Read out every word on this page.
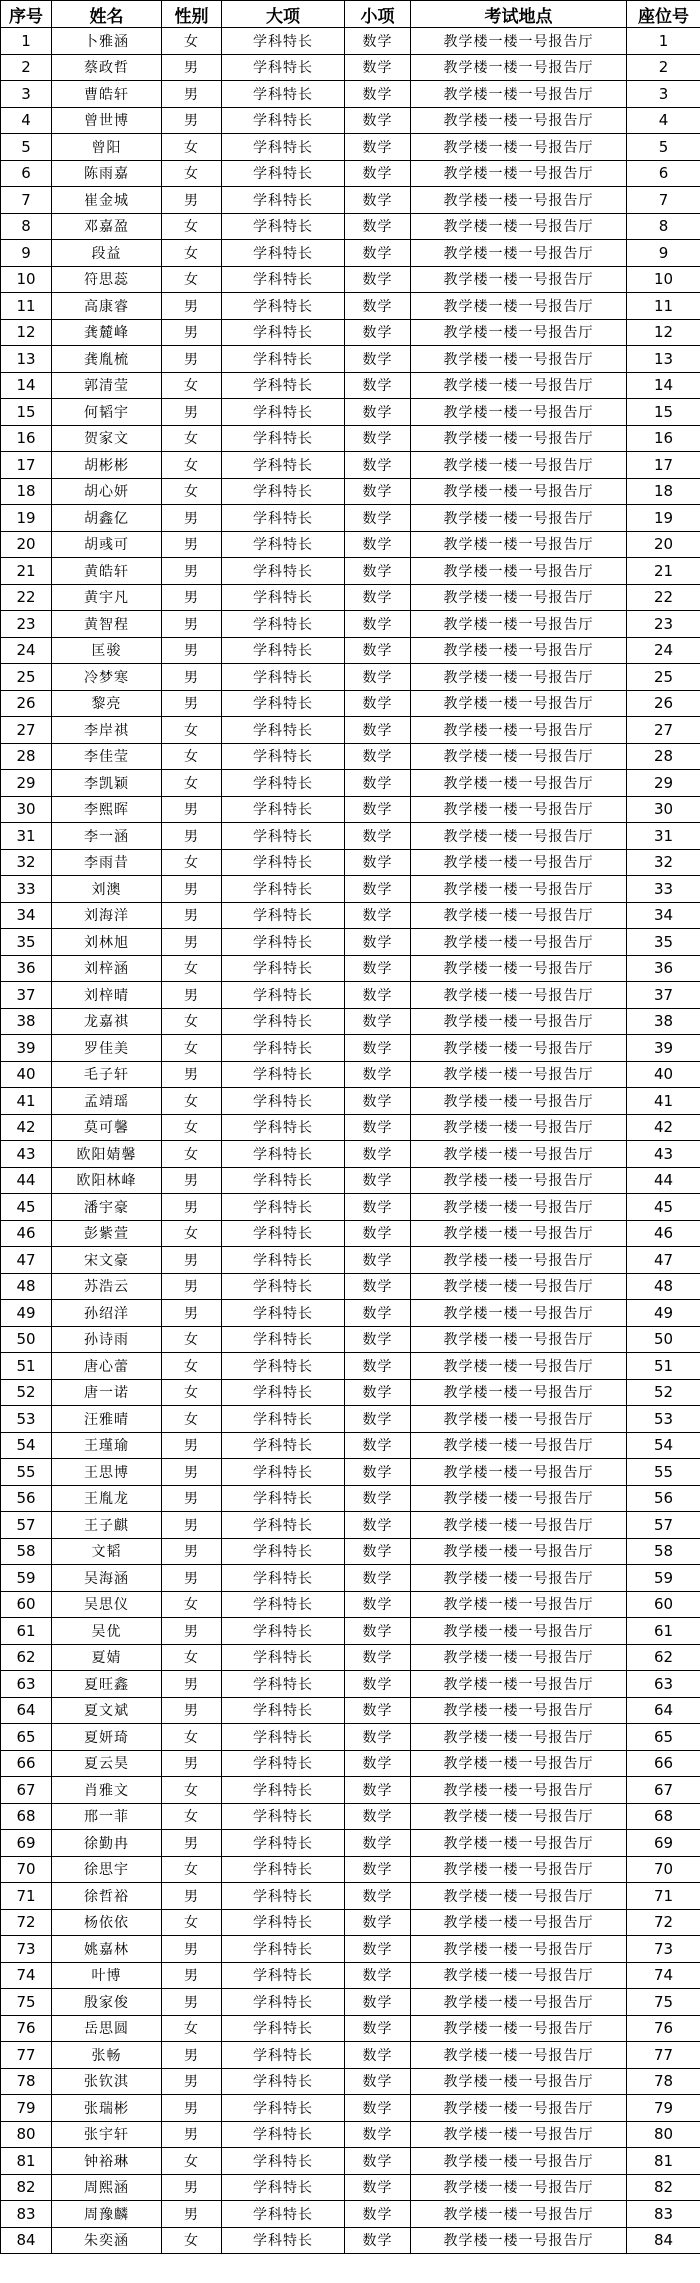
序号	姓名	性别	大项	小项	考试地点	座位号
1	卜雅涵	女	学科特长	数学	教学楼一楼一号报告厅	1
2	蔡政哲	男	学科特长	数学	教学楼一楼一号报告厅	2
3	曹皓轩	男	学科特长	数学	教学楼一楼一号报告厅	3
4	曾世博	男	学科特长	数学	教学楼一楼一号报告厅	4
5	曾阳	女	学科特长	数学	教学楼一楼一号报告厅	5
6	陈雨嘉	女	学科特长	数学	教学楼一楼一号报告厅	6
7	崔金城	男	学科特长	数学	教学楼一楼一号报告厅	7
8	邓嘉盈	女	学科特长	数学	教学楼一楼一号报告厅	8
9	段益	女	学科特长	数学	教学楼一楼一号报告厅	9
10	符思蕊	女	学科特长	数学	教学楼一楼一号报告厅	10
11	高康睿	男	学科特长	数学	教学楼一楼一号报告厅	11
12	龚麓峰	男	学科特长	数学	教学楼一楼一号报告厅	12
13	龚胤梳	男	学科特长	数学	教学楼一楼一号报告厅	13
14	郭清莹	女	学科特长	数学	教学楼一楼一号报告厅	14
15	何韬宇	男	学科特长	数学	教学楼一楼一号报告厅	15
16	贺家文	女	学科特长	数学	教学楼一楼一号报告厅	16
17	胡彬彬	女	学科特长	数学	教学楼一楼一号报告厅	17
18	胡心妍	女	学科特长	数学	教学楼一楼一号报告厅	18
19	胡鑫亿	男	学科特长	数学	教学楼一楼一号报告厅	19
20	胡彧可	男	学科特长	数学	教学楼一楼一号报告厅	20
21	黄皓轩	男	学科特长	数学	教学楼一楼一号报告厅	21
22	黄宇凡	男	学科特长	数学	教学楼一楼一号报告厅	22
23	黄智程	男	学科特长	数学	教学楼一楼一号报告厅	23
24	匡骏	男	学科特长	数学	教学楼一楼一号报告厅	24
25	冷梦寒	男	学科特长	数学	教学楼一楼一号报告厅	25
26	黎亮	男	学科特长	数学	教学楼一楼一号报告厅	26
27	李岸祺	女	学科特长	数学	教学楼一楼一号报告厅	27
28	李佳莹	女	学科特长	数学	教学楼一楼一号报告厅	28
29	李凯颖	女	学科特长	数学	教学楼一楼一号报告厅	29
30	李熙晖	男	学科特长	数学	教学楼一楼一号报告厅	30
31	李一涵	男	学科特长	数学	教学楼一楼一号报告厅	31
32	李雨昔	女	学科特长	数学	教学楼一楼一号报告厅	32
33	刘澳	男	学科特长	数学	教学楼一楼一号报告厅	33
34	刘海洋	男	学科特长	数学	教学楼一楼一号报告厅	34
35	刘林旭	男	学科特长	数学	教学楼一楼一号报告厅	35
36	刘梓涵	女	学科特长	数学	教学楼一楼一号报告厅	36
37	刘梓晴	男	学科特长	数学	教学楼一楼一号报告厅	37
38	龙嘉祺	女	学科特长	数学	教学楼一楼一号报告厅	38
39	罗佳美	女	学科特长	数学	教学楼一楼一号报告厅	39
40	毛子轩	男	学科特长	数学	教学楼一楼一号报告厅	40
41	孟靖瑶	女	学科特长	数学	教学楼一楼一号报告厅	41
42	莫可馨	女	学科特长	数学	教学楼一楼一号报告厅	42
43	欧阳婧馨	女	学科特长	数学	教学楼一楼一号报告厅	43
44	欧阳林峰	男	学科特长	数学	教学楼一楼一号报告厅	44
45	潘宇豪	男	学科特长	数学	教学楼一楼一号报告厅	45
46	彭紫萱	女	学科特长	数学	教学楼一楼一号报告厅	46
47	宋文豪	男	学科特长	数学	教学楼一楼一号报告厅	47
48	苏浩云	男	学科特长	数学	教学楼一楼一号报告厅	48
49	孙绍洋	男	学科特长	数学	教学楼一楼一号报告厅	49
50	孙诗雨	女	学科特长	数学	教学楼一楼一号报告厅	50
51	唐心蕾	女	学科特长	数学	教学楼一楼一号报告厅	51
52	唐一诺	女	学科特长	数学	教学楼一楼一号报告厅	52
53	汪雅晴	女	学科特长	数学	教学楼一楼一号报告厅	53
54	王瑾瑜	男	学科特长	数学	教学楼一楼一号报告厅	54
55	王思博	男	学科特长	数学	教学楼一楼一号报告厅	55
56	王胤龙	男	学科特长	数学	教学楼一楼一号报告厅	56
57	王子麒	男	学科特长	数学	教学楼一楼一号报告厅	57
58	文韬	男	学科特长	数学	教学楼一楼一号报告厅	58
59	吴海涵	男	学科特长	数学	教学楼一楼一号报告厅	59
60	吴思仪	女	学科特长	数学	教学楼一楼一号报告厅	60
61	吴优	男	学科特长	数学	教学楼一楼一号报告厅	61
62	夏婧	女	学科特长	数学	教学楼一楼一号报告厅	62
63	夏旺鑫	男	学科特长	数学	教学楼一楼一号报告厅	63
64	夏文斌	男	学科特长	数学	教学楼一楼一号报告厅	64
65	夏妍琦	女	学科特长	数学	教学楼一楼一号报告厅	65
66	夏云昊	男	学科特长	数学	教学楼一楼一号报告厅	66
67	肖雅文	女	学科特长	数学	教学楼一楼一号报告厅	67
68	邢一菲	女	学科特长	数学	教学楼一楼一号报告厅	68
69	徐勤冉	男	学科特长	数学	教学楼一楼一号报告厅	69
70	徐思宇	女	学科特长	数学	教学楼一楼一号报告厅	70
71	徐哲裕	男	学科特长	数学	教学楼一楼一号报告厅	71
72	杨依依	女	学科特长	数学	教学楼一楼一号报告厅	72
73	姚嘉林	男	学科特长	数学	教学楼一楼一号报告厅	73
74	叶博	男	学科特长	数学	教学楼一楼一号报告厅	74
75	殷家俊	男	学科特长	数学	教学楼一楼一号报告厅	75
76	岳思圆	女	学科特长	数学	教学楼一楼一号报告厅	76
77	张畅	男	学科特长	数学	教学楼一楼一号报告厅	77
78	张钦淇	男	学科特长	数学	教学楼一楼一号报告厅	78
79	张瑞彬	男	学科特长	数学	教学楼一楼一号报告厅	79
80	张宇轩	男	学科特长	数学	教学楼一楼一号报告厅	80
81	钟裕琳	女	学科特长	数学	教学楼一楼一号报告厅	81
82	周熙涵	男	学科特长	数学	教学楼一楼一号报告厅	82
83	周豫麟	男	学科特长	数学	教学楼一楼一号报告厅	83
84	朱奕涵	女	学科特长	数学	教学楼一楼一号报告厅	84
